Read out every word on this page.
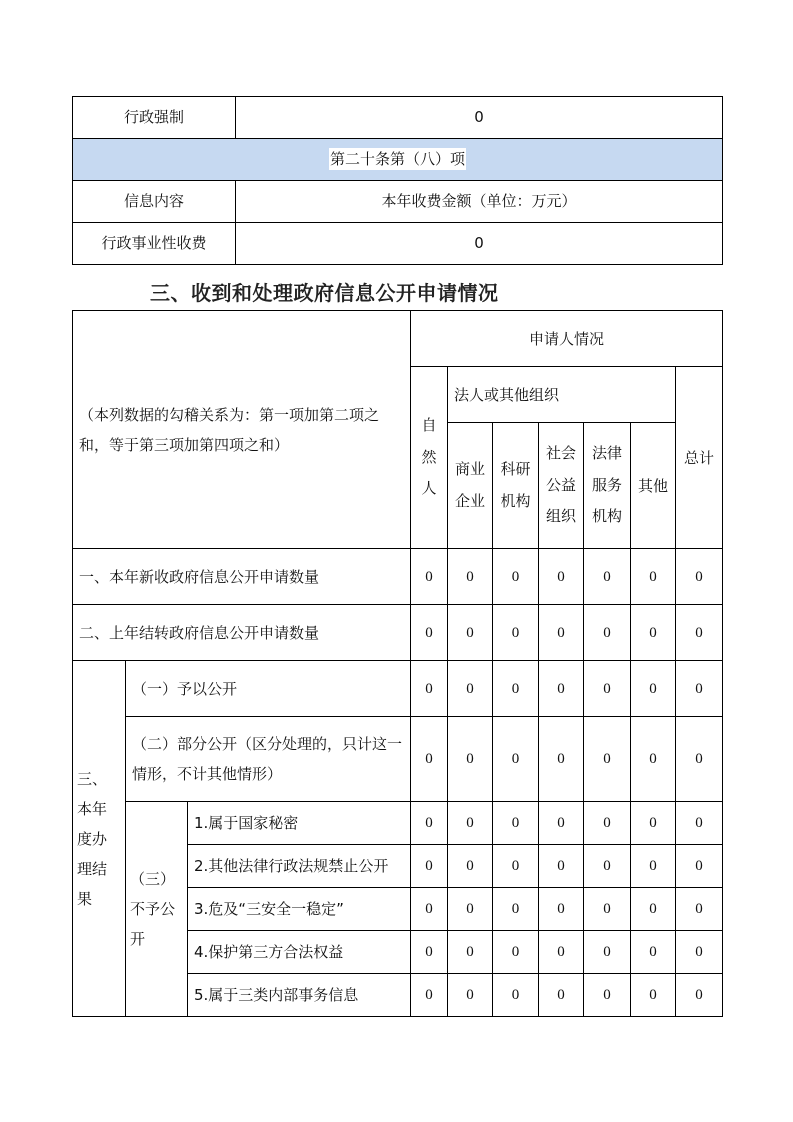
行政强制	0
第二十条第（八）项	
信息内容	本年收费金额（单位：万元）
行政事业性收费	0
三、收到和处理政府信息公开申请情况
（本列数据的勾稽关系为：第一项加第二项之和，等于第三项加第四项之和）			申请人情况						
			自然人	法人或其他组织					总计
				商业企业	科研机构	社会公益组织	法律服务机构	其他	
一、本年新收政府信息公开申请数量			0	0	0	0	0	0	0
二、上年结转政府信息公开申请数量			0	0	0	0	0	0	0
三、本年度办理结果	（一）予以公开		0	0	0	0	0	0	0
	（二）部分公开（区分处理的，只计这一情形，不计其他情形）		0	0	0	0	0	0	0
	（三）不予公开	1.属于国家秘密	0	0	0	0	0	0	0
		2.其他法律行政法规禁止公开	0	0	0	0	0	0	0
		3.危及“三安全一稳定”	0	0	0	0	0	0	0
		4.保护第三方合法权益	0	0	0	0	0	0	0
		5.属于三类内部事务信息	0	0	0	0	0	0	0
